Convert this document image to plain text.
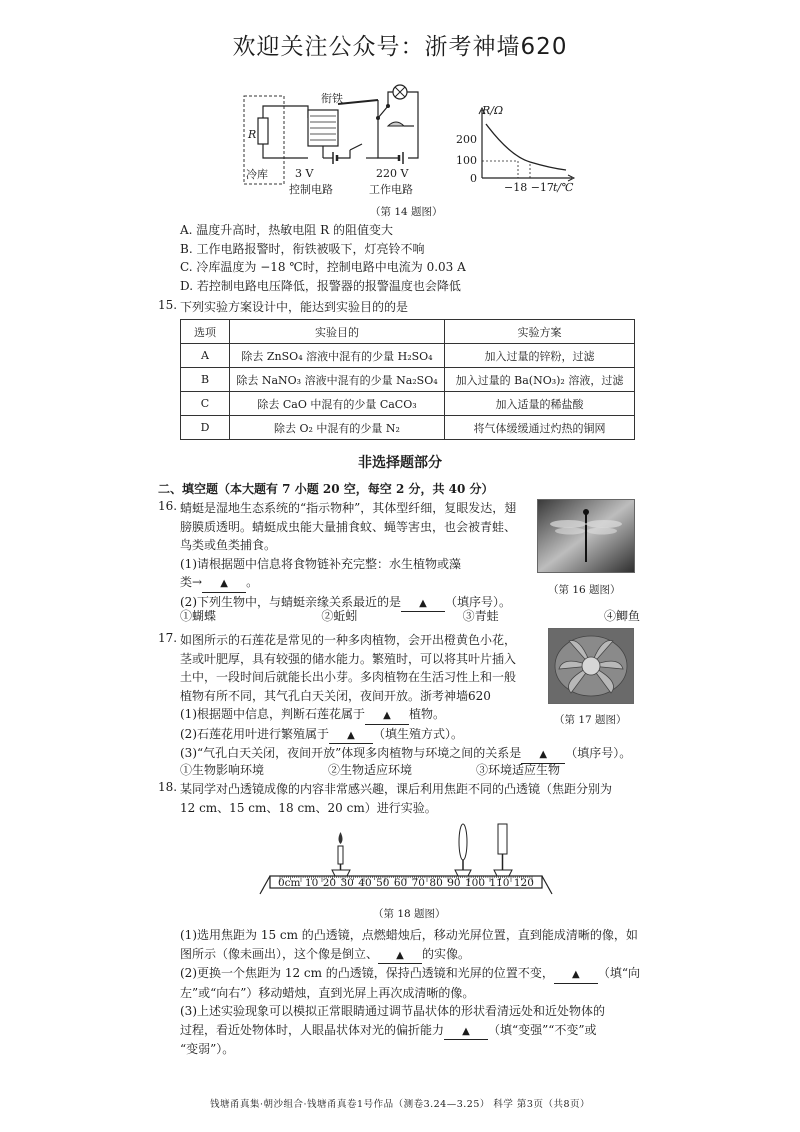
欢迎关注公众号：浙考神墙620
衔铁
R
冷库 3 V
控制电路
220 V
工作电路
R/Ω
200
100
0
−18 −17 t/℃
（第 14 题图）
A. 温度升高时，热敏电阻 R 的阻值变大
B. 工作电路报警时，衔铁被吸下，灯亮铃不响
C. 冷库温度为 −18 ℃时，控制电路中电流为 0.03 A
D. 若控制电路电压降低，报警器的报警温度也会降低
15. 下列实验方案设计中，能达到实验目的的是
选项	实验目的	实验方案
A	除去 ZnSO₄ 溶液中混有的少量 H₂SO₄	加入过量的锌粉，过滤
B	除去 NaNO₃ 溶液中混有的少量 Na₂SO₄	加入过量的 Ba(NO₃)₂ 溶液，过滤
C	除去 CaO 中混有的少量 CaCO₃	加入适量的稀盐酸
D	除去 O₂ 中混有的少量 N₂	将气体缓缓通过灼热的铜网
非选择题部分
二、填空题（本大题有 7 小题 20 空，每空 2 分，共 40 分）
16. 蜻蜓是湿地生态系统的“指示物种”，其体型纤细，复眼发达，翅
膀膜质透明。蜻蜓成虫能大量捕食蚊、蝇等害虫，也会被青蛙、
鸟类或鱼类捕食。
(1)请根据题中信息将食物链补充完整：水生植物或藻
类→ ▲ 。
(2)下列生物中，与蜻蜓亲缘关系最近的是 ▲ （填序号）。
①蝴蝶	②蚯蚓	③青蛙	④鲫鱼
（第 16 题图）
17. 如图所示的石莲花是常见的一种多肉植物，会开出橙黄色小花，
茎或叶肥厚，具有较强的储水能力。繁殖时，可以将其叶片插入
土中，一段时间后就能长出小芽。多肉植物在生活习性上和一般
植物有所不同，其气孔白天关闭，夜间开放。浙考神墙620
(1)根据题中信息，判断石莲花属于 ▲ 植物。
(2)石莲花用叶进行繁殖属于 ▲ （填生殖方式）。
(3)“气孔白天关闭，夜间开放”体现多肉植物与环境之间的关系是 ▲ （填序号）。
①生物影响环境	②生物适应环境	③环境适应生物
（第 17 题图）
18. 某同学对凸透镜成像的内容非常感兴趣，课后利用焦距不同的凸透镜（焦距分别为
12 cm、15 cm、18 cm、20 cm）进行实验。
0cm 10 20 30 40 50 60 70 80 90 100 110 120
（第 18 题图）
(1)选用焦距为 15 cm 的凸透镜，点燃蜡烛后，移动光屏位置，直到能成清晰的像，如
图所示（像未画出），这个像是倒立、 ▲ 的实像。
(2)更换一个焦距为 12 cm 的凸透镜，保持凸透镜和光屏的位置不变， ▲ （填“向
左”或“向右”）移动蜡烛，直到光屏上再次成清晰的像。
(3)上述实验现象可以模拟正常眼睛通过调节晶状体的形状看清远处和近处物体的
过程，看近处物体时，人眼晶状体对光的偏折能力 ▲ （填“变强”“不变”或
“变弱”）。
钱塘甬真集·朝沙组合·钱塘甬真卷1号作品（测卷3.24—3.25） 科学 第3页（共8页）
